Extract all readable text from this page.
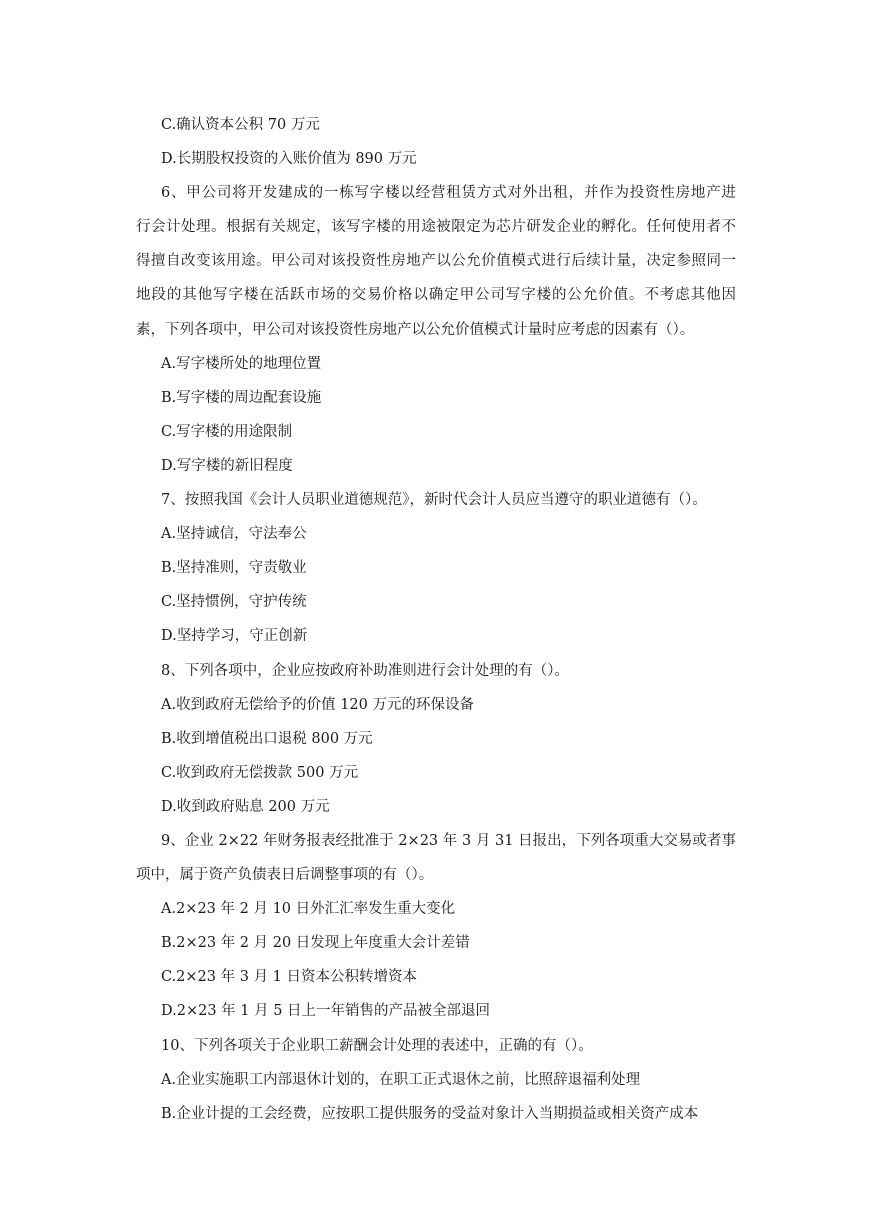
C.确认资本公积 70 万元
D.长期股权投资的入账价值为 890 万元
6、甲公司将开发建成的一栋写字楼以经营租赁方式对外出租，并作为投资性房地产进
行会计处理。根据有关规定，该写字楼的用途被限定为芯片研发企业的孵化。任何使用者不
得擅自改变该用途。甲公司对该投资性房地产以公允价值模式进行后续计量，决定参照同一
地段的其他写字楼在活跃市场的交易价格以确定甲公司写字楼的公允价值。不考虑其他因
素，下列各项中，甲公司对该投资性房地产以公允价值模式计量时应考虑的因素有（）。
A.写字楼所处的地理位置
B.写字楼的周边配套设施
C.写字楼的用途限制
D.写字楼的新旧程度
7、按照我国《会计人员职业道德规范》，新时代会计人员应当遵守的职业道德有（）。
A.坚持诚信，守法奉公
B.坚持准则，守责敬业
C.坚持惯例，守护传统
D.坚持学习，守正创新
8、下列各项中，企业应按政府补助准则进行会计处理的有（）。
A.收到政府无偿给予的价值 120 万元的环保设备
B.收到增值税出口退税 800 万元
C.收到政府无偿拨款 500 万元
D.收到政府贴息 200 万元
9、企业 2×22 年财务报表经批准于 2×23 年 3 月 31 日报出，下列各项重大交易或者事
项中，属于资产负债表日后调整事项的有（）。
A.2×23 年 2 月 10 日外汇汇率发生重大变化
B.2×23 年 2 月 20 日发现上年度重大会计差错
C.2×23 年 3 月 1 日资本公积转增资本
D.2×23 年 1 月 5 日上一年销售的产品被全部退回
10、下列各项关于企业职工薪酬会计处理的表述中，正确的有（）。
A.企业实施职工内部退休计划的，在职工正式退休之前，比照辞退福利处理
B.企业计提的工会经费，应按职工提供服务的受益对象计入当期损益或相关资产成本
